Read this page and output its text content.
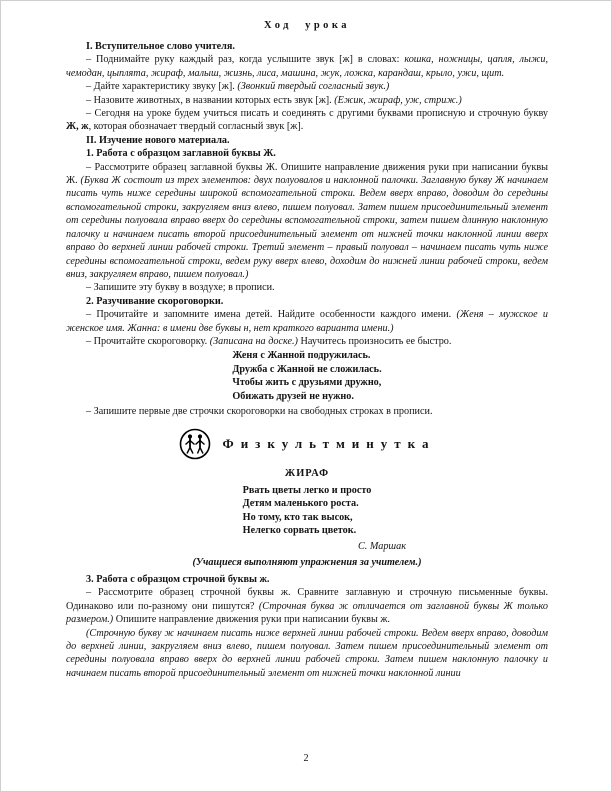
Ход урока

I. Вступительное слово учителя.

– Поднимайте руку каждый раз, когда услышите звук [ж] в словах: кошка, ножницы, цапля, лыжи, чемодан, цыплята, жираф, малыш, жизнь, лиса, машина, жук, ложка, карандаш, крыло, ужи, щит.

– Дайте характеристику звуку [ж]. (Звонкий твердый согласный звук.)

– Назовите животных, в названии которых есть звук [ж]. (Ежик, жираф, уж, стриж.)

– Сегодня на уроке будем учиться писать и соединять с другими буквами прописную и строчную букву Ж, ж, которая обозначает твердый согласный звук [ж].

II. Изучение нового материала.

1. Работа с образцом заглавной буквы Ж.

– Рассмотрите образец заглавной буквы Ж. Опишите направление движения руки при написании буквы Ж. (Буква Ж состоит из трех элементов: двух полуовалов и наклонной палочки. Заглавную букву Ж начинаем писать чуть ниже середины широкой вспомогательной строки. Ведем вверх вправо, доводим до середины вспомогательной строки, закругляем вниз влево, пишем полуовал. Затем пишем присоединительный элемент от середины полуовала вправо вверх до середины вспомогательной строки, затем пишем длинную наклонную палочку и начинаем писать второй присоединительный элемент от нижней точки наклонной линии вверх вправо до верхней линии рабочей строки. Третий элемент – правый полуовал – начинаем писать чуть ниже середины вспомогательной строки, ведем руку вверх влево, доходим до нижней линии рабочей строки, ведем вниз, закругляем вправо, пишем полуовал.)

– Запишите эту букву в воздухе; в прописи.

2. Разучивание скороговорки.

– Прочитайте и запомните имена детей. Найдите особенности каждого имени. (Женя – мужское и женское имя. Жанна: в имени две буквы н, нет краткого варианта имени.)

– Прочитайте скороговорку. (Записана на доске.) Научитесь произносить ее быстро.

Женя с Жанной подружилась.
Дружба с Жанной не сложилась.
Чтобы жить с друзьями дружно,
Обижать друзей не нужно.

– Запишите первые две строчки скороговорки на свободных строках в прописи.

Физкультминутка
ЖИРАФ
Рвать цветы легко и просто
Детям маленького роста.
Но тому, кто так высок,
Нелегко сорвать цветок.
С. Маршак
(Учащиеся выполняют упражнения за учителем.)

3. Работа с образцом строчной буквы ж.

– Рассмотрите образец строчной буквы ж. Сравните заглавную и строчную письменные буквы. Одинаково или по-разному они пишутся? (Строчная буква ж отличается от заглавной буквы Ж только размером.) Опишите направление движения руки при написании буквы ж.

(Строчную букву ж начинаем писать ниже верхней линии рабочей строки. Ведем вверх вправо, доводим до верхней линии, закругляем вниз влево, пишем полуовал. Затем пишем присоединительный элемент от середины полуовала вправо вверх до верхней линии рабочей строки. Затем пишем наклонную палочку и начинаем писать второй присоединительный элемент от нижней точки наклонной линии

2
